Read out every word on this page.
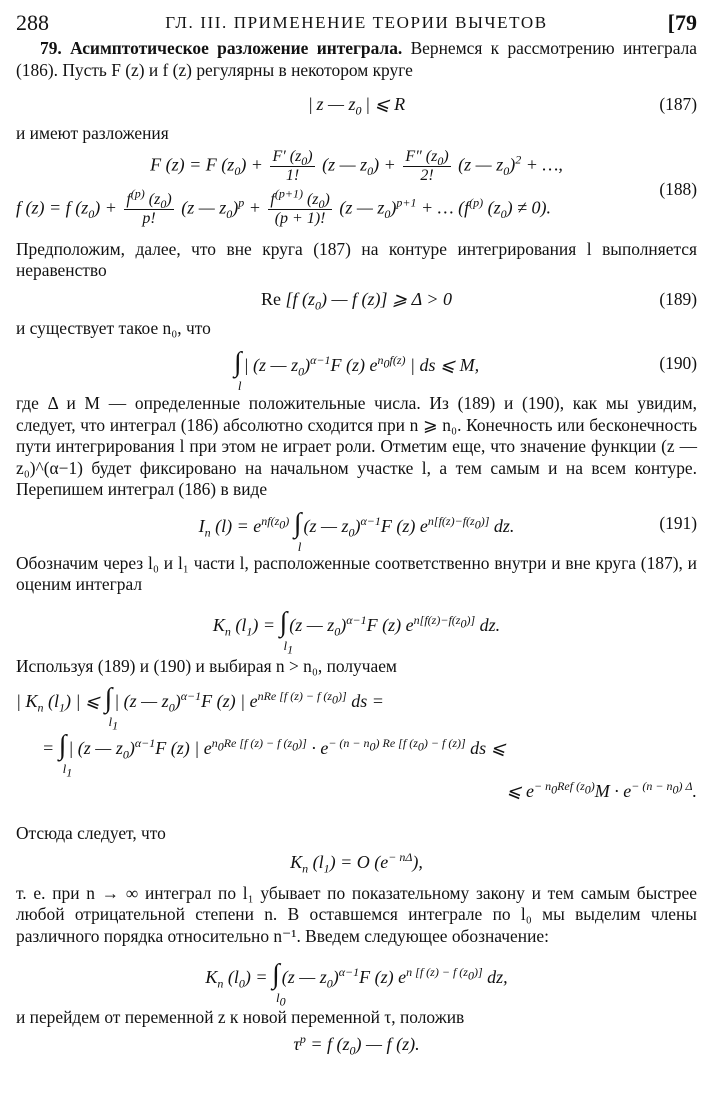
288	ГЛ. III. ПРИМЕНЕНИЕ ТЕОРИИ ВЫЧЕТОВ	[79

79. Асимптотическое разложение интеграла. Вернемся к рассмотрению интеграла (186). Пусть F (z) и f (z) регулярны в некотором круге

| z — $z_0$ | ⩽ R	(187)

и имеют разложения

F (z) = F $(z_0) + \frac{F' (z_0)}{1!} (z$ — $z_0) + \frac{F'' (z_0)}{2!} (z$ — $z_0)^2$ + …,
f (z) = f $(z_0) + \frac{f^{(p)} (z_0)}{p!} (z$ — $z_0)^p + \frac{f^{(p+1)} (z_0)}{(p + 1)!} (z$ — $z_0)^{p+1}$ + … ($f^{(p)}$ $(z_0) \ne 0$).
(188)

Предположим, далее, что вне круга (187) на контуре интегрирования l выполняется неравенство

Re [f $(z_0)$ — f (z)] ⩾ Δ > 0	(189)

и существует такое n₀, что

∫
l
| (z — $z_0)^{\alpha-1}F$ (z) $e^{n_0f(z)}$ | ds ⩽ M,	(190)

где Δ и M — определенные положительные числа. Из (189) и (190), как мы увидим, следует, что интеграл (186) абсолютно сходится при n ⩾ n₀. Конечность или бесконечность пути интегрирования l при этом не играет роли. Отметим еще, что значение функции (z — z₀)^(α−1) будет фиксировано на начальном участке l, а тем самым и на всем контуре. Перепишем интеграл (186) в виде

$I_n$ $(l) = e^{nf(z_0)}$ ∫
l
(z — $z_0)^{\alpha-1}F$ (z) $e^{n[f(z)-f(z_0)]}$ dz.	(191)

Обозначим через l₀ и l₁ части l, расположенные соответственно внутри и вне круга (187), и оценим интеграл

$K_n$ $(l_1)$ = ∫
$l_1$
(z — $z_0)^{\alpha-1}F$ (z) $e^{n[f(z)-f(z_0)]}$ dz.

Используя (189) и (190) и выбирая n > n₀, получаем

| $K_n$ $(l_1)$ | ⩽ ∫
$l_1$
| (z — $z_0)^{\alpha-1}F$ (z) | $e^{nRe [f (z) - f (z_0)]}$ ds =
= ∫
$l_1$
| (z — $z_0)^{\alpha-1}F$ (z) | $e^{n_0Re [f (z) - f (z_0)]} \cdot e^{- (n - n_0) Re [f (z_0) - f (z)]}$ ds ⩽
⩽ $e^{- n_0Ref (z_0)}M \cdot e^{- (n - n_0) \Delta}$.

Отсюда следует, что

$K_n$ $(l_1) = O$ $(e^{- n\Delta})$,

т. е. при n → ∞ интеграл по l₁ убывает по показательному закону и тем самым быстрее любой отрицательной степени n. В оставшемся интеграле по l₀ мы выделим члены различного порядка относительно n⁻¹. Введем следующее обозначение:

$K_n$ $(l_0)$ = ∫
$l_0$
(z — $z_0)^{\alpha-1}F$ (z) $e^{n [f (z) - f (z_0)]}$ dz,

и перейдем от переменной z к новой переменной τ, положив

$\tau^p = f$ $(z_0)$ — f (z).
